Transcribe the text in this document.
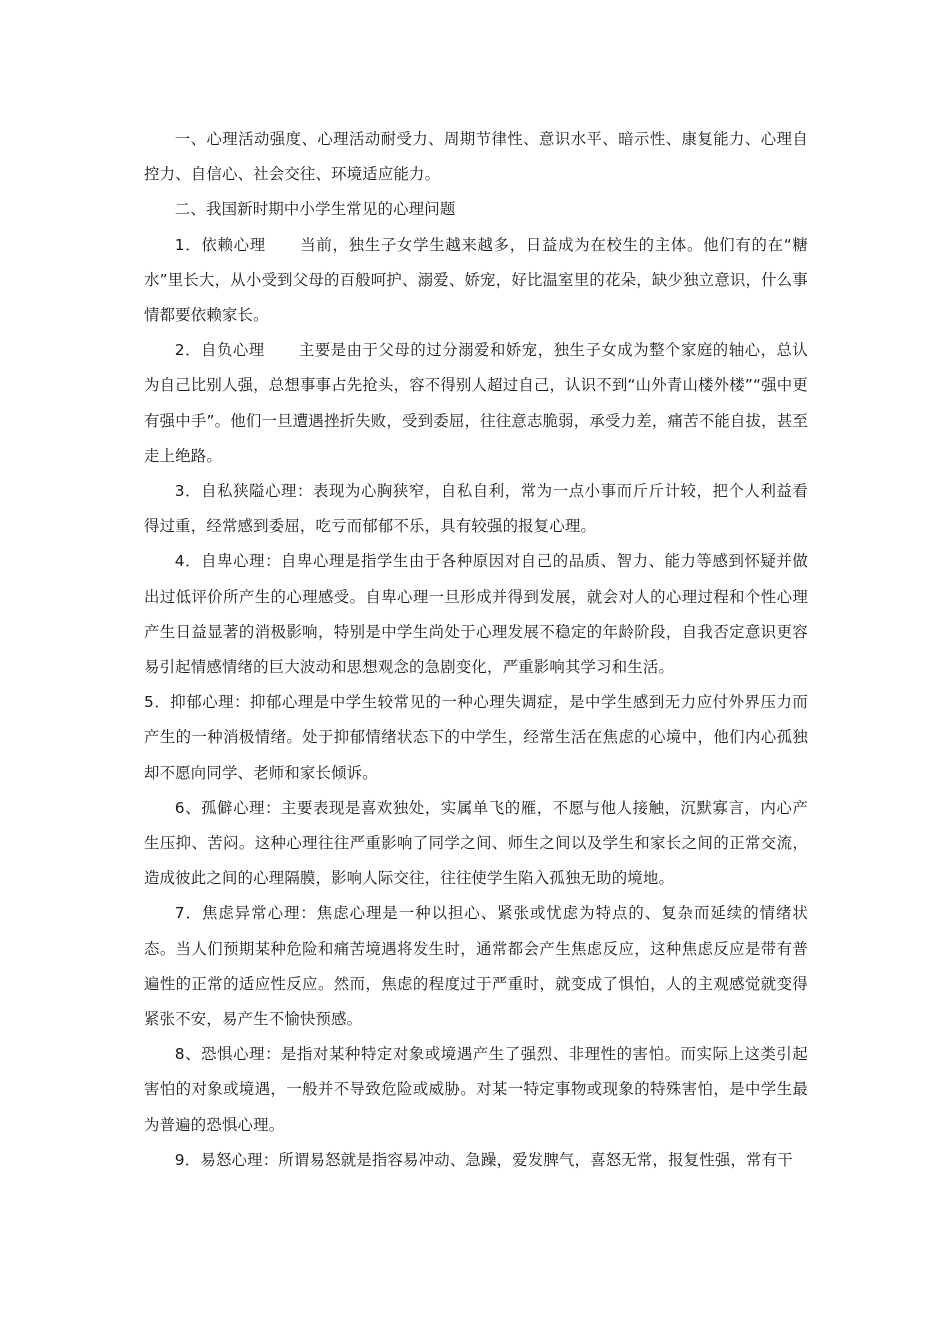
一、心理活动强度、心理活动耐受力、周期节律性、意识水平、暗示性、康复能力、心理自控力、自信心、社会交往、环境适应能力。

二、我国新时期中小学生常见的心理问题

1．依赖心理 当前，独生子女学生越来越多，日益成为在校生的主体。他们有的在“糖水”里长大，从小受到父母的百般呵护、溺爱、娇宠，好比温室里的花朵，缺少独立意识，什么事情都要依赖家长。

2．自负心理 主要是由于父母的过分溺爱和娇宠，独生子女成为整个家庭的轴心，总认为自己比别人强，总想事事占先抢头，容不得别人超过自己，认识不到“山外青山楼外楼”“强中更有强中手”。他们一旦遭遇挫折失败，受到委屈，往往意志脆弱，承受力差，痛苦不能自拔，甚至走上绝路。

3．自私狭隘心理：表现为心胸狭窄，自私自利，常为一点小事而斤斤计较，把个人利益看得过重，经常感到委屈，吃亏而郁郁不乐，具有较强的报复心理。

4．自卑心理：自卑心理是指学生由于各种原因对自己的品质、智力、能力等感到怀疑并做出过低评价所产生的心理感受。自卑心理一旦形成并得到发展，就会对人的心理过程和个性心理产生日益显著的消极影响，特别是中学生尚处于心理发展不稳定的年龄阶段，自我否定意识更容易引起情感情绪的巨大波动和思想观念的急剧变化，严重影响其学习和生活。

5．抑郁心理：抑郁心理是中学生较常见的一种心理失调症，是中学生感到无力应付外界压力而产生的一种消极情绪。处于抑郁情绪状态下的中学生，经常生活在焦虑的心境中，他们内心孤独却不愿向同学、老师和家长倾诉。

6、孤僻心理：主要表现是喜欢独处，实属单飞的雁，不愿与他人接触，沉默寡言，内心产生压抑、苦闷。这种心理往往严重影响了同学之间、师生之间以及学生和家长之间的正常交流，造成彼此之间的心理隔膜，影响人际交往，往往使学生陷入孤独无助的境地。

7．焦虑异常心理：焦虑心理是一种以担心、紧张或忧虑为特点的、复杂而延续的情绪状态。当人们预期某种危险和痛苦境遇将发生时，通常都会产生焦虑反应，这种焦虑反应是带有普遍性的正常的适应性反应。然而，焦虑的程度过于严重时，就变成了惧怕，人的主观感觉就变得紧张不安，易产生不愉快预感。

8、恐惧心理：是指对某种特定对象或境遇产生了强烈、非理性的害怕。而实际上这类引起害怕的对象或境遇，一般并不导致危险或威胁。对某一特定事物或现象的特殊害怕，是中学生最为普遍的恐惧心理。

9．易怒心理：所谓易怒就是指容易冲动、急躁，爱发脾气，喜怒无常，报复性强，常有干
